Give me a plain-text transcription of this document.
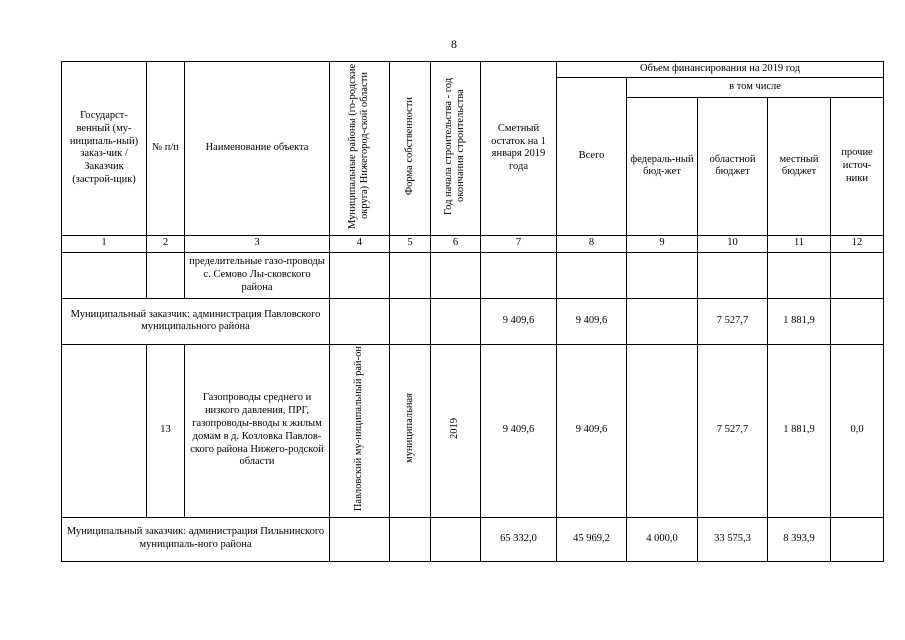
8
Государст-венный (му-ниципаль-ный) заказ-чик / Заказчик (застрой-щик)	№ п/п	Наименование объекта	Муниципальные районы (го-родские округа) Нижегород-ской области	Форма собственности	Год начала строительства - год окончания строительства	Сметный остаток на 1 января 2019 года	Объем финансирования на 2019 год				
							Всего	в том числе			
								федераль-ный бюд-жет	областной бюджет	местный бюджет	прочие источ-ники
1	2	3	4	5	6	7	8	9	10	11	12
		пределительные газо-проводы с. Семово Лы-сковского района									
Муниципальный заказчик: администрация Павловского муниципального района						9 409,6	9 409,6		7 527,7	1 881,9	
	13	Газопроводы среднего и низкого давления, ПРГ, газопроводы-вводы к жилым домам в д. Козловка Павлов-ского района Нижего-родской области	Павловский му-ниципальный рай-он	муниципальная	2019	9 409,6	9 409,6		7 527,7	1 881,9	0,0
Муниципальный заказчик: администрация Пильнинского муниципаль-ного района						65 332,0	45 969,2	4 000,0	33 575,3	8 393,9	
